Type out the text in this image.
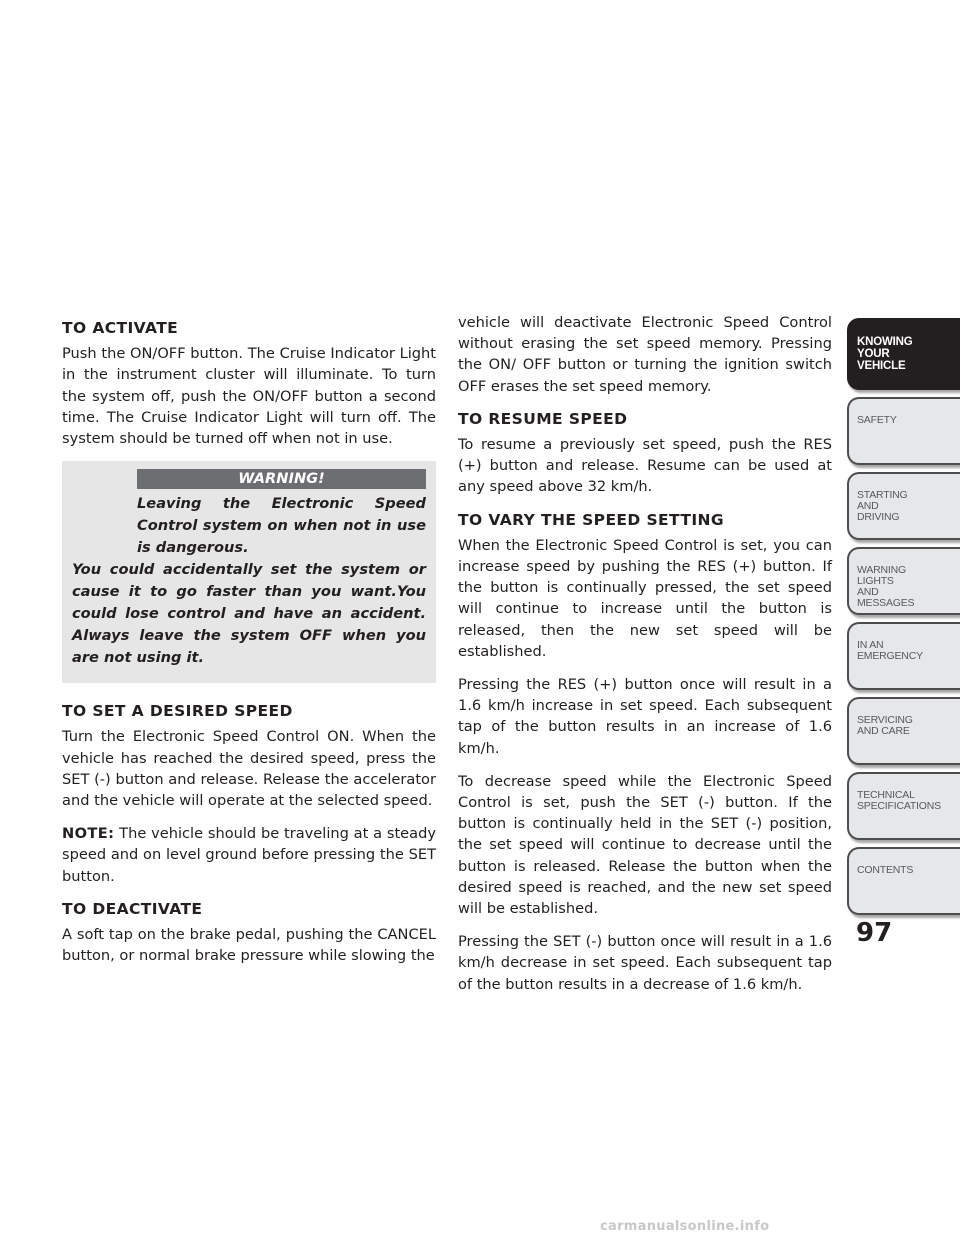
TO ACTIVATE

Push the ON/OFF button. The Cruise Indicator Light in the instrument cluster will illuminate. To turn the system off, push the ON/OFF button a second time. The Cruise Indicator Light will turn off. The system should be turned off when not in use.

WARNING!
Leaving the Electronic Speed Control system on when not in use is dangerous.
You could accidentally set the system or cause it to go faster than you want.You could lose control and have an accident. Always leave the system OFF when you are not using it.
TO SET A DESIRED SPEED

Turn the Electronic Speed Control ON. When the vehicle has reached the desired speed, press the SET (-) button and release. Release the accelerator and the vehicle will operate at the selected speed.

NOTE: The vehicle should be traveling at a steady speed and on level ground before pressing the SET button.

TO DEACTIVATE

A soft tap on the brake pedal, pushing the CANCEL button, or normal brake pressure while slowing the

vehicle will deactivate Electronic Speed Control without erasing the set speed memory. Pressing the ON/ OFF button or turning the ignition switch OFF erases the set speed memory.

TO RESUME SPEED

To resume a previously set speed, push the RES (+) button and release. Resume can be used at any speed above 32 km/h.

TO VARY THE SPEED SETTING

When the Electronic Speed Control is set, you can increase speed by pushing the RES (+) button. If the button is continually pressed, the set speed will continue to increase until the button is released, then the new set speed will be established.

Pressing the RES (+) button once will result in a 1.6 km/h increase in set speed. Each subsequent tap of the button results in an increase of 1.6 km/h.

To decrease speed while the Electronic Speed Control is set, push the SET (-) button. If the button is continually held in the SET (-) position, the set speed will continue to decrease until the button is released. Release the button when the desired speed is reached, and the new set speed will be established.

Pressing the SET (-) button once will result in a 1.6 km/h decrease in set speed. Each subsequent tap of the button results in a decrease of 1.6 km/h.

KNOWING
YOUR
VEHICLE
SAFETY
STARTING
AND
DRIVING
WARNING
LIGHTS
AND
MESSAGES
IN AN
EMERGENCY
SERVICING
AND CARE
TECHNICAL
SPECIFICATIONS
CONTENTS
97
carmanualsonline.info
